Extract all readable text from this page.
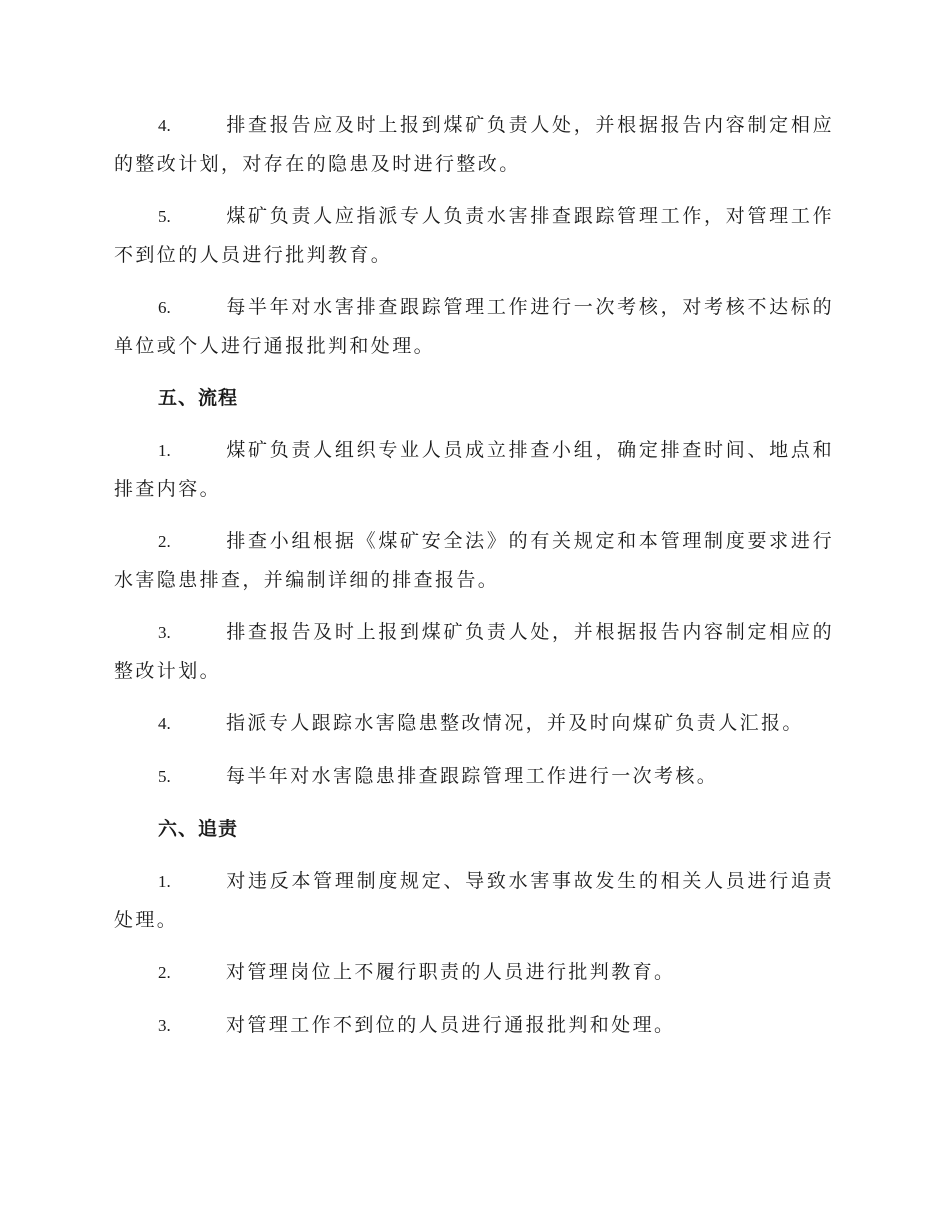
4.	排查报告应及时上报到煤矿负责人处，并根据报告内容制定相应的整改计划，对存在的隐患及时进行整改。

5.	煤矿负责人应指派专人负责水害排查跟踪管理工作，对管理工作不到位的人员进行批判教育。

6.	每半年对水害排查跟踪管理工作进行一次考核，对考核不达标的单位或个人进行通报批判和处理。

五、流程

1.	煤矿负责人组织专业人员成立排查小组，确定排查时间、地点和排查内容。

2.	排查小组根据《煤矿安全法》的有关规定和本管理制度要求进行水害隐患排查，并编制详细的排查报告。

3.	排查报告及时上报到煤矿负责人处，并根据报告内容制定相应的整改计划。

4.	指派专人跟踪水害隐患整改情况，并及时向煤矿负责人汇报。

5.	每半年对水害隐患排查跟踪管理工作进行一次考核。

六、追责

1.	对违反本管理制度规定、导致水害事故发生的相关人员进行追责处理。

2.	对管理岗位上不履行职责的人员进行批判教育。

3.	对管理工作不到位的人员进行通报批判和处理。
